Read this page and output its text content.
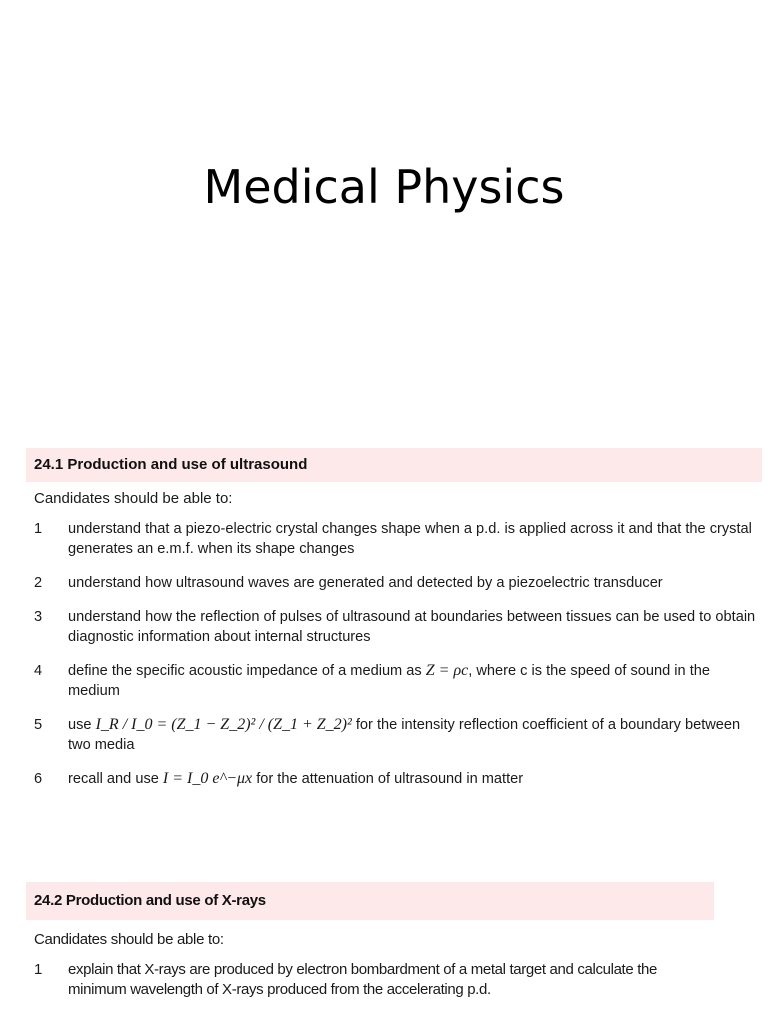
Medical Physics
24.1 Production and use of ultrasound
Candidates should be able to:
1 understand that a piezo-electric crystal changes shape when a p.d. is applied across it and that the crystal generates an e.m.f. when its shape changes
2 understand how ultrasound waves are generated and detected by a piezoelectric transducer
3 understand how the reflection of pulses of ultrasound at boundaries between tissues can be used to obtain diagnostic information about internal structures
4 define the specific acoustic impedance of a medium as Z = ρc, where c is the speed of sound in the medium
5 use I_R / I_0 = (Z_1 − Z_2)² / (Z_1 + Z_2)² for the intensity reflection coefficient of a boundary between two media
6 recall and use I = I_0 e^−μx for the attenuation of ultrasound in matter
24.2 Production and use of X-rays
Candidates should be able to:
1 explain that X-rays are produced by electron bombardment of a metal target and calculate the minimum wavelength of X-rays produced from the accelerating p.d.
